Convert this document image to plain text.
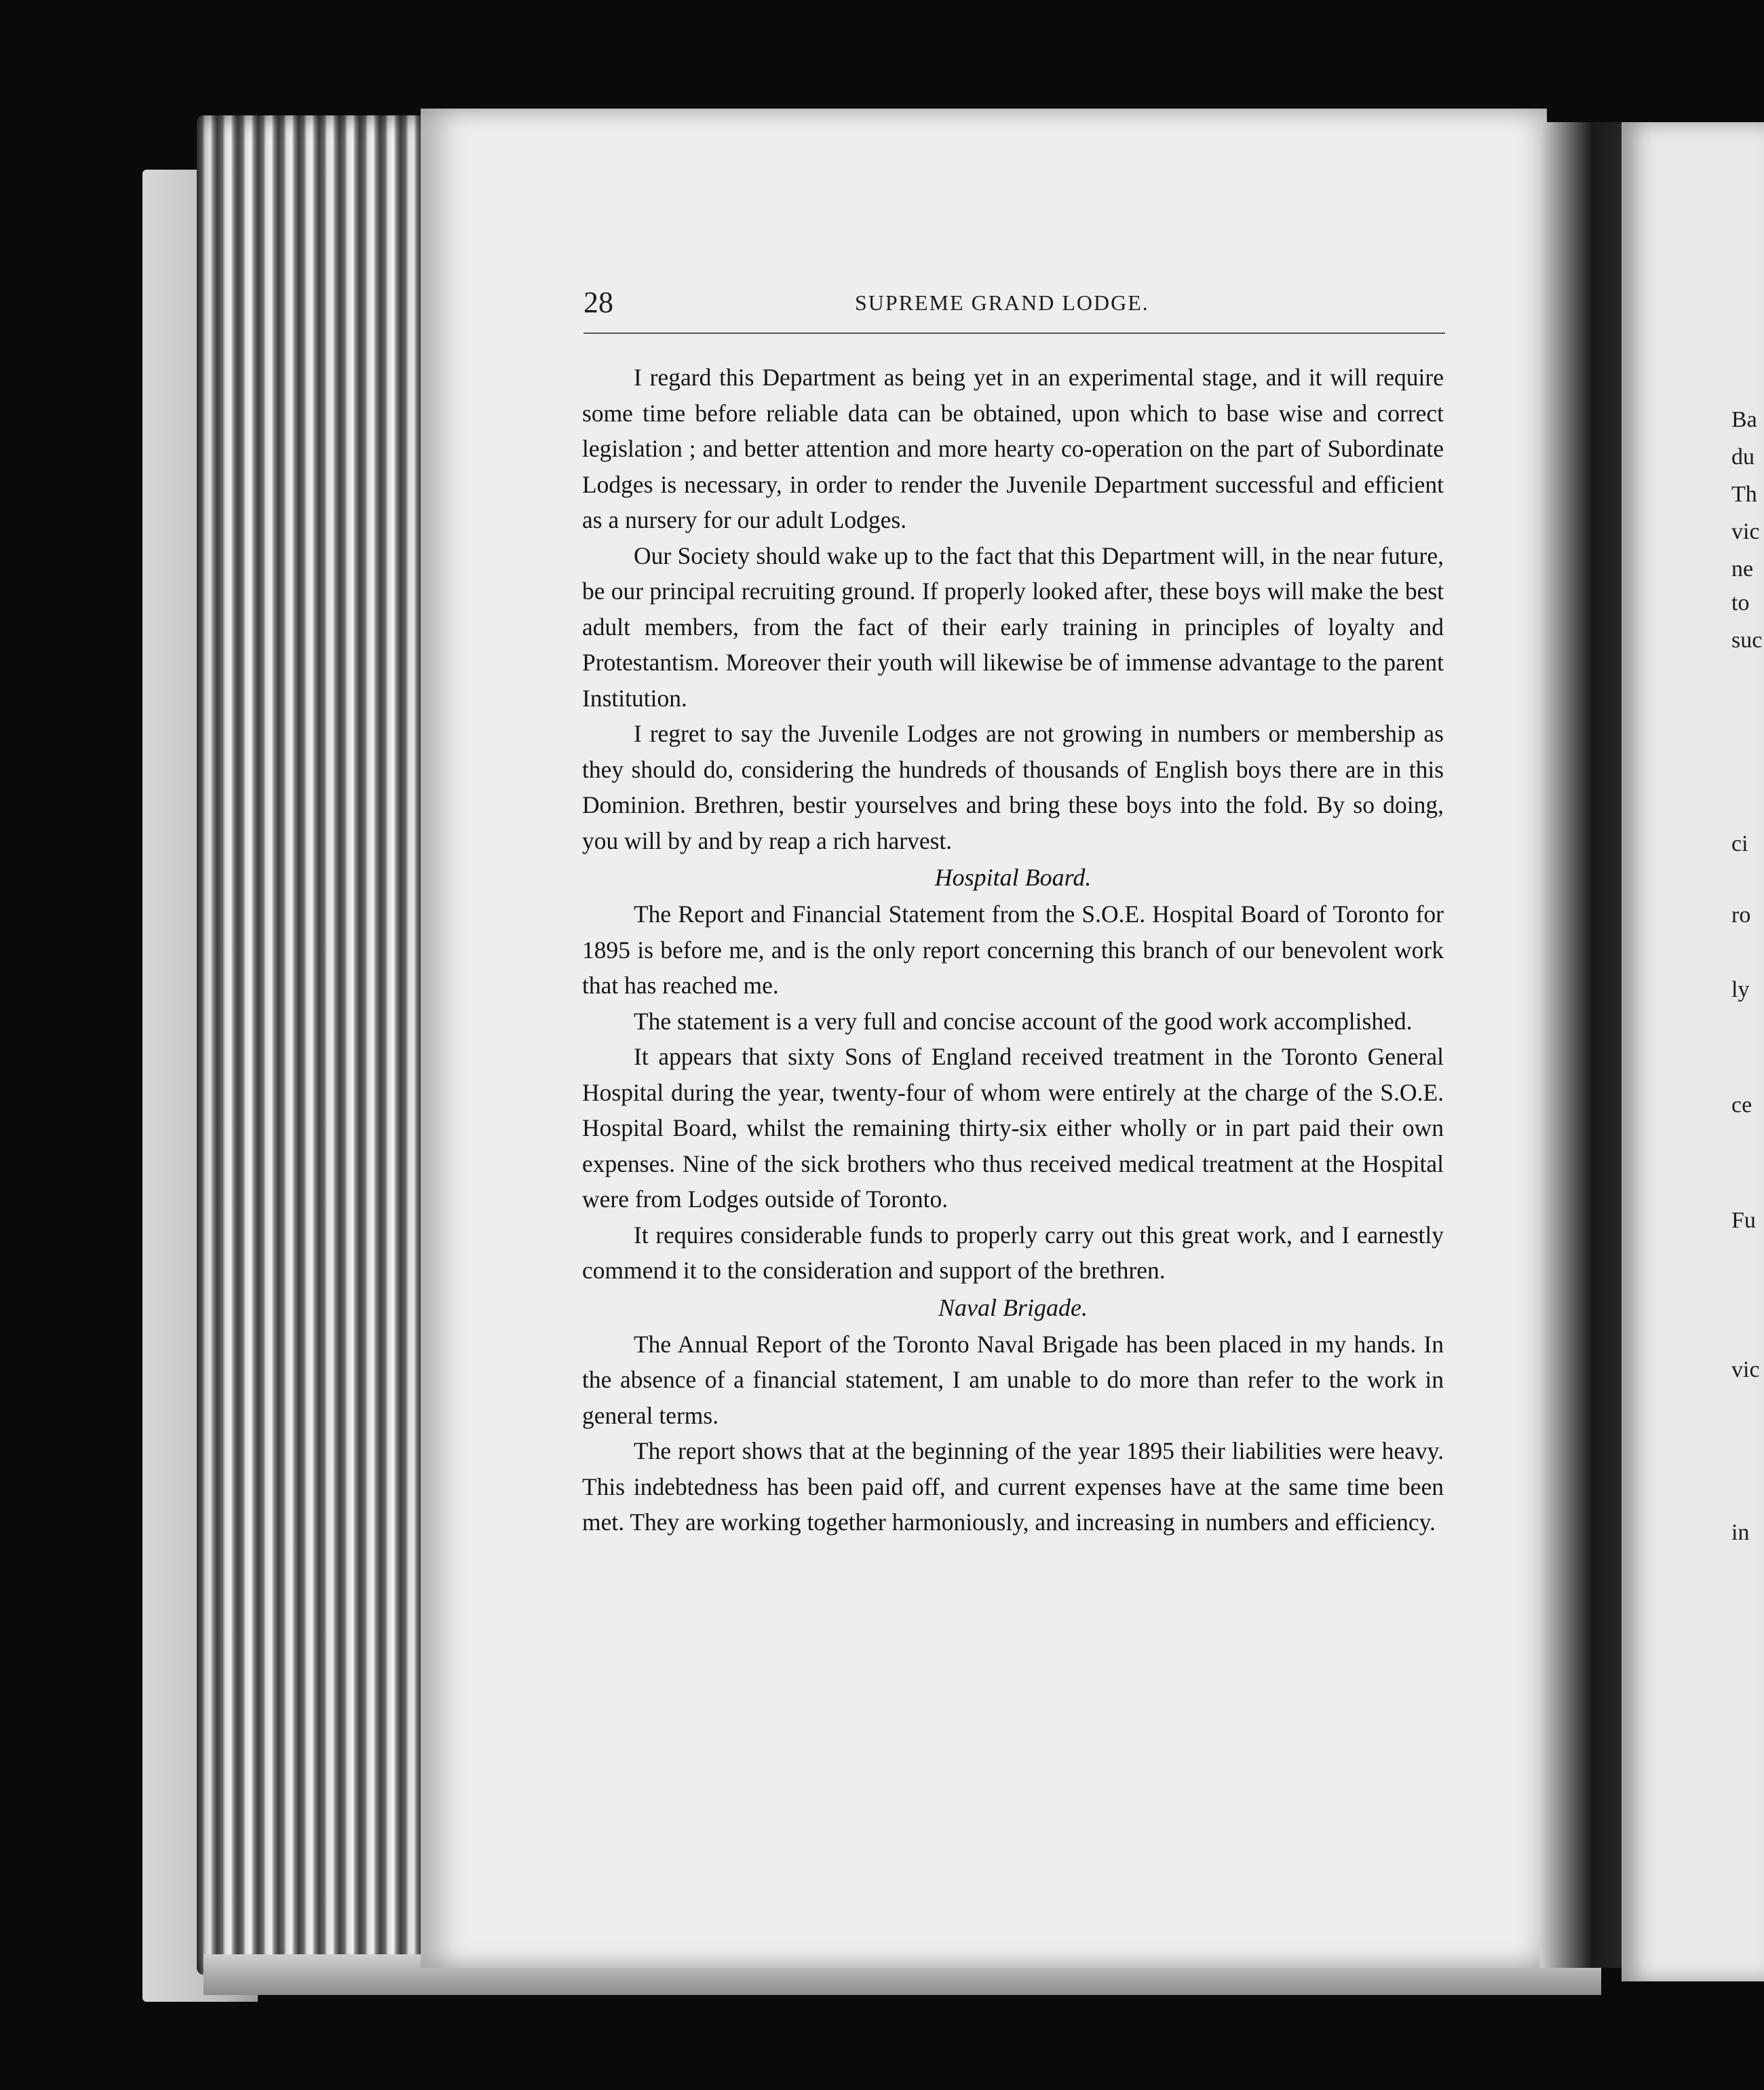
Ba
du
Th
vic
ne
to
suc
ci
ro
ly
ce
Fu
vic
in
28	SUPREME GRAND LODGE.

I regard this Department as being yet in an experimental stage, and it will require some time before reliable data can be obtained, upon which to base wise and correct legislation ; and better attention and more hearty co-operation on the part of Subordinate Lodges is necessary, in order to render the Juvenile Department successful and efficient as a nursery for our adult Lodges.

Our Society should wake up to the fact that this Department will, in the near future, be our principal recruiting ground. If properly looked after, these boys will make the best adult members, from the fact of their early training in principles of loyalty and Protestantism. Moreover their youth will likewise be of immense advantage to the parent Institution.

I regret to say the Juvenile Lodges are not growing in numbers or membership as they should do, considering the hundreds of thousands of English boys there are in this Dominion. Brethren, bestir yourselves and bring these boys into the fold. By so doing, you will by and by reap a rich harvest.

Hospital Board.

The Report and Financial Statement from the S.O.E. Hospital Board of Toronto for 1895 is before me, and is the only report concerning this branch of our benevolent work that has reached me.

The statement is a very full and concise account of the good work accomplished.

It appears that sixty Sons of England received treatment in the Toronto General Hospital during the year, twenty-four of whom were entirely at the charge of the S.O.E. Hospital Board, whilst the remaining thirty-six either wholly or in part paid their own expenses. Nine of the sick brothers who thus received medical treatment at the Hospital were from Lodges outside of Toronto.

It requires considerable funds to properly carry out this great work, and I earnestly commend it to the consideration and support of the brethren.

Naval Brigade.

The Annual Report of the Toronto Naval Brigade has been placed in my hands. In the absence of a financial statement, I am unable to do more than refer to the work in general terms.

The report shows that at the beginning of the year 1895 their liabilities were heavy. This indebtedness has been paid off, and current expenses have at the same time been met. They are working together harmoniously, and increasing in numbers and efficiency.
